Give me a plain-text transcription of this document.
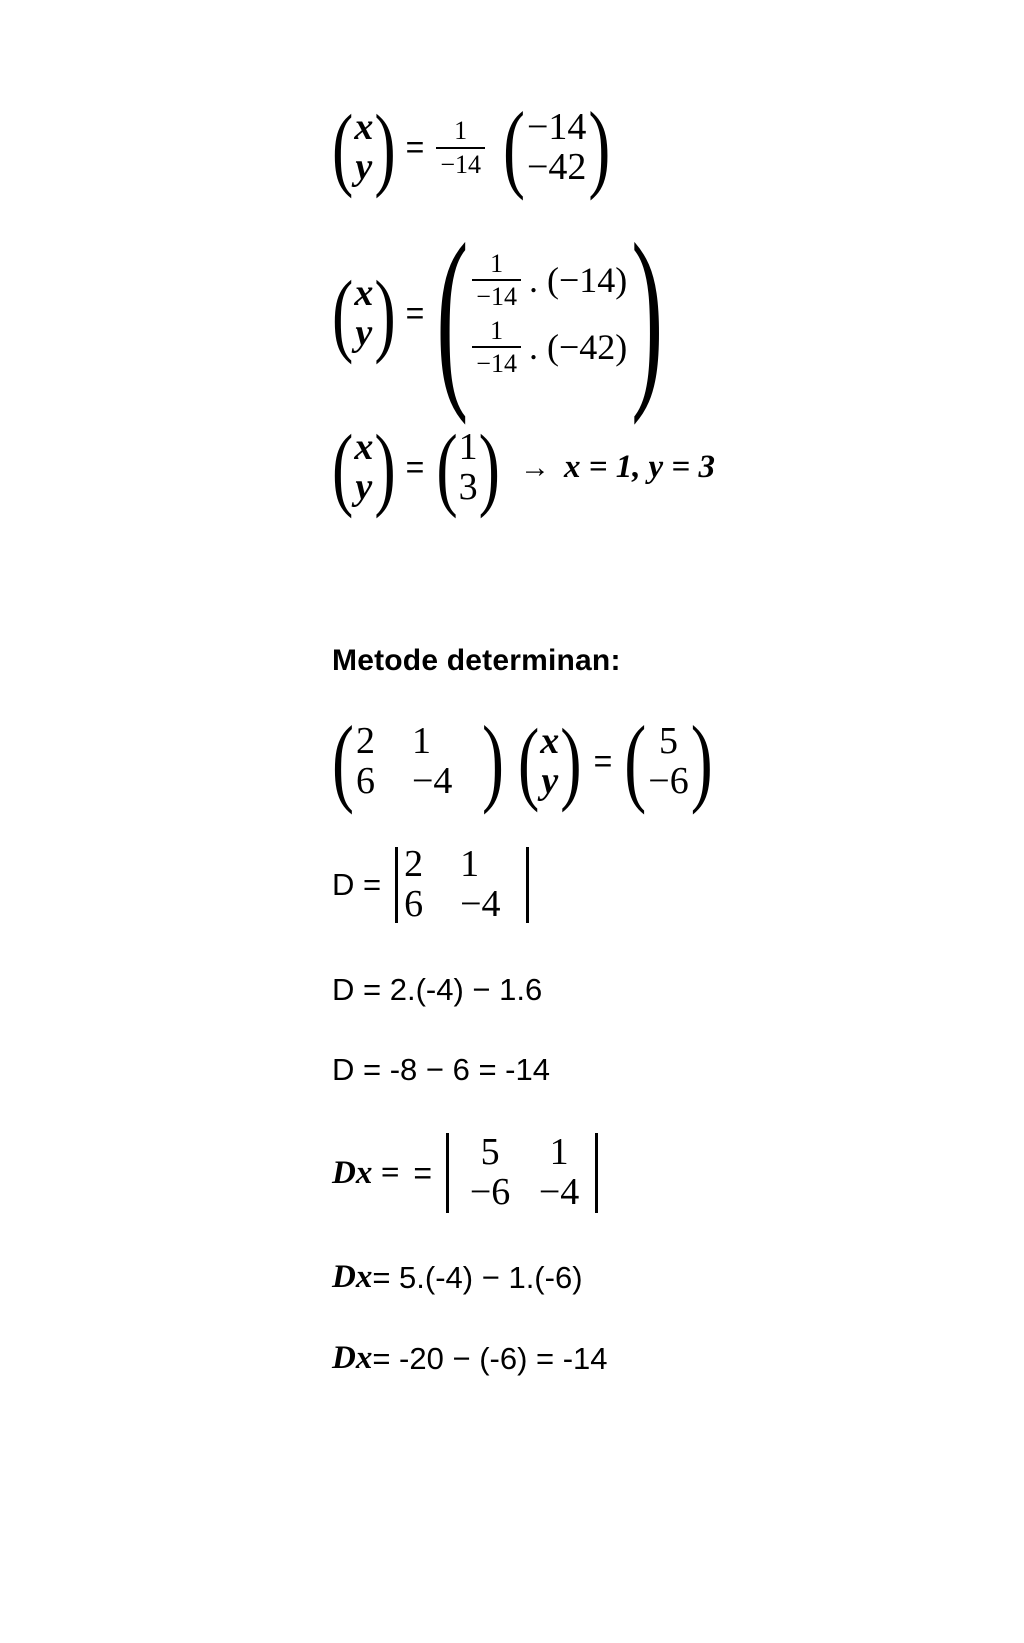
( x
y ) = $\frac{1}{-14}$ ( −14
−42 )
( x
y ) = ( $\frac{1}{-14}$ . (−14)
$\frac{1}{-14}$ . (−42) )
( x
y ) = ( 1
3 ) → x = 1, y = 3
Metode determinan:
( 2 1
6 −4 ) ( x
y ) = ( 5
−6 )
D = 2 1
6 −4
D = 2.(-4) − 1.6
D = -8 − 6 = -14
Dx = =	5	1
−6 −4
Dx = 5.(-4) − 1.(-6)
Dx = -20 − (-6) = -14
